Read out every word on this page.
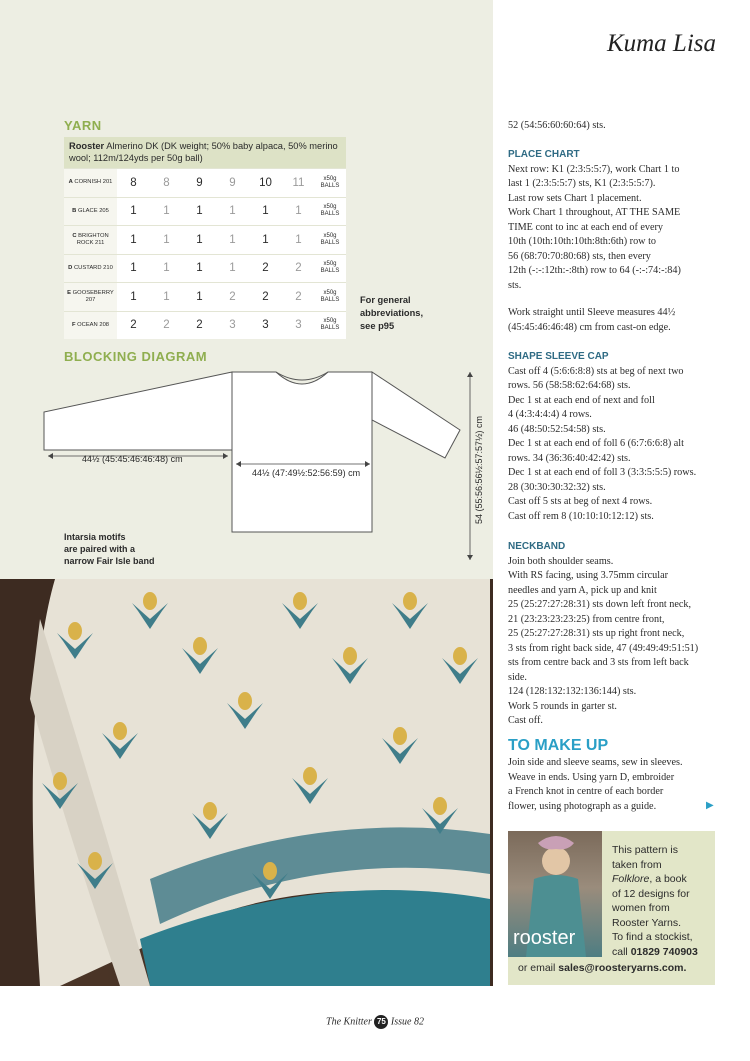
Kuma Lisa
YARN
Rooster Almerino DK (DK weight; 50% baby alpaca, 50% merino wool; 112m/124yds per 50g ball)
A CORNISH 201	8	8	9	9	10	11	x50g BALLS
B GLACE 205	1	1	1	1	1	1	x50g BALLS
C BRIGHTON ROCK 211	1	1	1	1	1	1	x50g BALLS
D CUSTARD 210	1	1	1	1	2	2	x50g BALLS
E GOOSEBERRY 207	1	1	1	2	2	2	x50g BALLS
F OCEAN 208	2	2	2	3	3	3	x50g BALLS
For general
abbreviations,
see p95
BLOCKING DIAGRAM
44½ (45:45:46:46:48) cm
44½ (47:49½:52:56:59) cm	54 (55:56:56½:57:57½) cm
Intarsia motifs
are paired with a
narrow Fair Isle band
52 (54:56:60:60:64) sts.
PLACE CHART
Next row: K1 (2:3:5:5:7), work Chart 1 to
last 1 (2:3:5:5:7) sts, K1 (2:3:5:5:7).
Last row sets Chart 1 placement.
Work Chart 1 throughout, AT THE SAME
TIME cont to inc at each end of every
10th (10th:10th:10th:8th:6th) row to
56 (68:70:70:80:68) sts, then every
12th (-:-:12th:-:8th) row to 64 (-:-:74:-:84)
sts.
Work straight until Sleeve measures 44½
(45:45:46:46:48) cm from cast-on edge.
SHAPE SLEEVE CAP
Cast off 4 (5:6:6:8:8) sts at beg of next two
rows. 56 (58:58:62:64:68) sts.
Dec 1 st at each end of next and foll
4 (4:3:4:4:4) 4 rows.
46 (48:50:52:54:58) sts.
Dec 1 st at each end of foll 6 (6:7:6:6:8) alt
rows. 34 (36:36:40:42:42) sts.
Dec 1 st at each end of foll 3 (3:3:5:5:5) rows.
28 (30:30:30:32:32) sts.
Cast off 5 sts at beg of next 4 rows.
Cast off rem 8 (10:10:10:12:12) sts.
NECKBAND
Join both shoulder seams.
With RS facing, using 3.75mm circular
needles and yarn A, pick up and knit
25 (25:27:27:28:31) sts down left front neck,
21 (23:23:23:23:25) from centre front,
25 (25:27:27:28:31) sts up right front neck,
3 sts from right back side, 47 (49:49:49:51:51)
sts from centre back and 3 sts from left back
side.
124 (128:132:132:136:144) sts.
Work 5 rounds in garter st.
Cast off.
TO MAKE UP
Join side and sleeve seams, sew in sleeves.
Weave in ends. Using yarn D, embroider
a French knot in centre of each border
flower, using photograph as a guide.	▶
rooster
This pattern is
taken from
Folklore, a book
of 12 designs for
women from
Rooster Yarns.
To find a stockist,
call 01829 740903
or email sales@roosteryarns.com.
The Knitter 75 Issue 82
